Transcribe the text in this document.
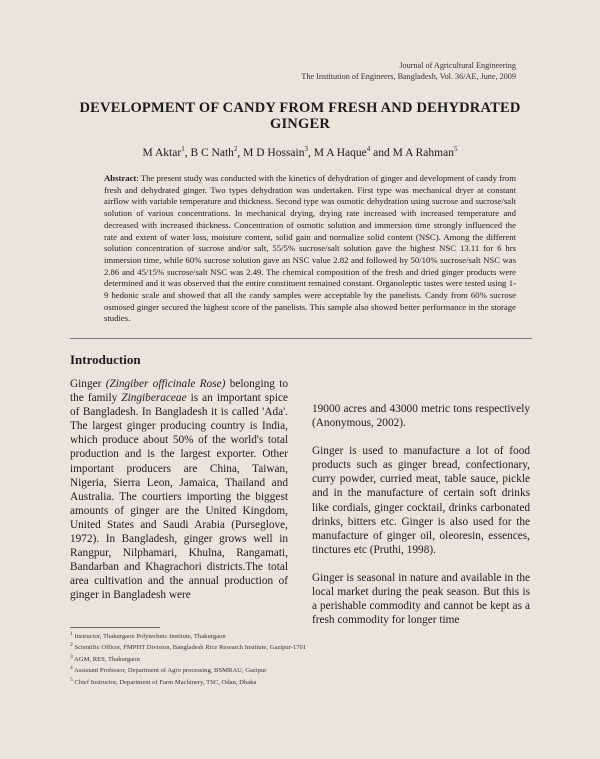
Journal of Agricultural Engineering
The Institution of Engineers, Bangladesh, Vol. 36/AE, June, 2009
DEVELOPMENT OF CANDY FROM FRESH AND DEHYDRATED GINGER
M Aktar$^1$, B C Nath$^2$, M D Hossain$^3$, M A Haque$^4$ and M A Rahman$^5$
Abstract: The present study was conducted with the kinetics of dehydration of ginger and development of candy from fresh and dehydrated ginger. Two types dehydration was undertaken. First type was mechanical dryer at constant airflow with variable temperature and thickness. Second type was osmotic dehydration using sucrose and sucrose/salt solution of various concentrations. In mechanical drying, drying rate increased with increased temperature and decreased with increased thickness. Concentration of osmotic solution and immersion time strongly influenced the rate and extent of water loss, moisture content, solid gain and normalize solid content (NSC). Among the different solution concentration of sucrose and/or salt, 55/5% sucrose/salt solution gave the highest NSC 13.11 for 6 hrs immersion time, while 60% sucrose solution gave an NSC value 2.82 and followed by 50/10% sucrose/salt NSC was 2.86 and 45/15% sucrose/salt NSC was 2.49. The chemical composition of the fresh and dried ginger products were determined and it was observed that the entire constituent remained constant. Organoleptic tastes were tested using 1-9 hedonic scale and showed that all the candy samples were acceptable by the panelists. Candy from 60% sucrose osmosed ginger secured the highest score of the panelists. This sample also showed better performance in the storage studies.
Introduction

Ginger (Zingiber officinale Rose) belonging to the family Zingiberaceae is an important spice of Bangladesh. In Bangladesh it is called 'Ada'. The largest ginger producing country is India, which produce about 50% of the world's total production and is the largest exporter. Other important producers are China, Taiwan, Nigeria, Sierra Leon, Jamaica, Thailand and Australia. The courtiers importing the biggest amounts of ginger are the United Kingdom, United States and Saudi Arabia (Purseglove, 1972). In Bangladesh, ginger grows well in Rangpur, Nilphamari, Khulna, Rangamati, Bandarban and Khagrachori districts.The total area cultivation and the annual production of ginger in Bangladesh were

19000 acres and 43000 metric tons respectively (Anonymous, 2002).

Ginger is used to manufacture a lot of food products such as ginger bread, confectionary, curry powder, curried meat, table sauce, pickle and in the manufacture of certain soft drinks like cordials, ginger cocktail, drinks carbonated drinks, bitters etc. Ginger is also used for the manufacture of ginger oil, oleoresin, essences, tinctures etc (Pruthi, 1998).

Ginger is seasonal in nature and available in the local market during the peak season. But this is a perishable commodity and cannot be kept as a fresh commodity for longer time

$^1$ Instructor, Thakurgaon Polytechnic Institute, Thakurgaon
$^2$ Scientific Officer, FMPHT Division, Bangladesh Rice Research Institute, Gazipur-1701
$^3$ AGM, RES, Thakurgaon
$^4$ Assistant Professor, Department of Agro processing, BSMRAU, Gazipur
$^5$ Chief Instructor, Department of Farm Machinery, TSC, Odan, Dhaka
